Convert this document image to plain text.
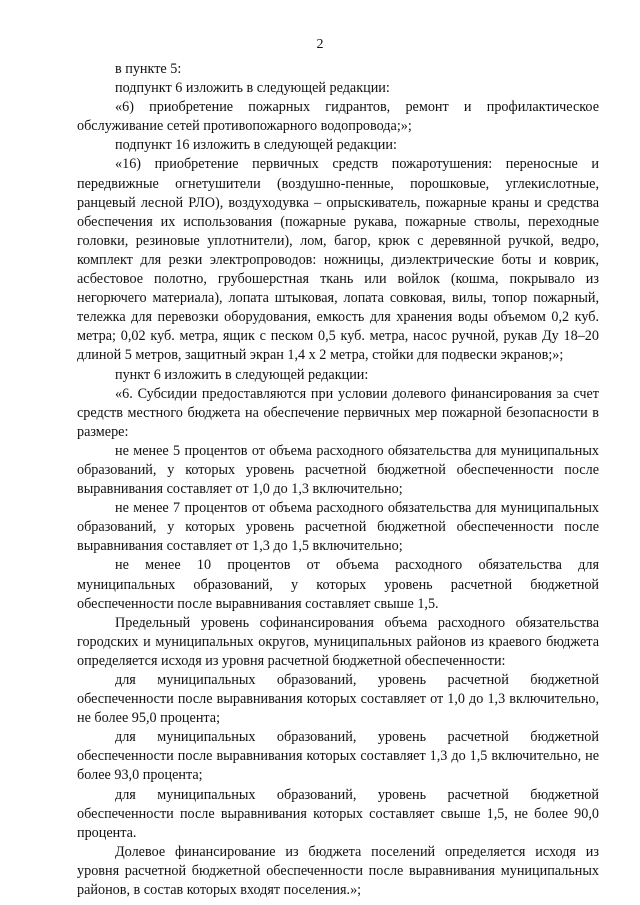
2

в пункте 5:

подпункт 6 изложить в следующей редакции:

«6) приобретение пожарных гидрантов, ремонт и профилактическое обслуживание сетей противопожарного водопровода;»;

подпункт 16 изложить в следующей редакции:

«16) приобретение первичных средств пожаротушения: переносные и передвижные огнетушители (воздушно-пенные, порошковые, углекислотные, ранцевый лесной РЛО), воздуходувка – опрыскиватель, пожарные краны и средства обеспечения их использования (пожарные рукава, пожарные стволы, переходные головки, резиновые уплотнители), лом, багор, крюк с деревянной ручкой, ведро, комплект для резки электропроводов: ножницы, диэлектрические боты и коврик, асбестовое полотно, грубошерстная ткань или войлок (кошма, покрывало из негорючего материала), лопата штыковая, лопата совковая, вилы, топор пожарный, тележка для перевозки оборудования, емкость для хранения воды объемом 0,2 куб. метра; 0,02 куб. метра, ящик с песком 0,5 куб. метра, насос ручной, рукав Ду 18–20 длиной 5 метров, защитный экран 1,4 х 2 метра, стойки для подвески экранов;»;

пункт 6 изложить в следующей редакции:

«6. Субсидии предоставляются при условии долевого финансирования за счет средств местного бюджета на обеспечение первичных мер пожарной безопасности в размере:

не менее 5 процентов от объема расходного обязательства для муниципальных образований, у которых уровень расчетной бюджетной обеспеченности после выравнивания составляет от 1,0 до 1,3 включительно;

не менее 7 процентов от объема расходного обязательства для муниципальных образований, у которых уровень расчетной бюджетной обеспеченности после выравнивания составляет от 1,3 до 1,5 включительно;

не менее 10 процентов от объема расходного обязательства для муниципальных образований, у которых уровень расчетной бюджетной обеспеченности после выравнивания составляет свыше 1,5.

Предельный уровень софинансирования объема расходного обязательства городских и муниципальных округов, муниципальных районов из краевого бюджета определяется исходя из уровня расчетной бюджетной обеспеченности:

для муниципальных образований, уровень расчетной бюджетной обеспеченности после выравнивания которых составляет от 1,0 до 1,3 включительно, не более 95,0 процента;

для муниципальных образований, уровень расчетной бюджетной обеспеченности после выравнивания которых составляет 1,3 до 1,5 включительно, не более 93,0 процента;

для муниципальных образований, уровень расчетной бюджетной обеспеченности после выравнивания которых составляет свыше 1,5, не более 90,0 процента.

Долевое финансирование из бюджета поселений определяется исходя из уровня расчетной бюджетной обеспеченности после выравнивания муниципальных районов, в состав которых входят поселения.»;
